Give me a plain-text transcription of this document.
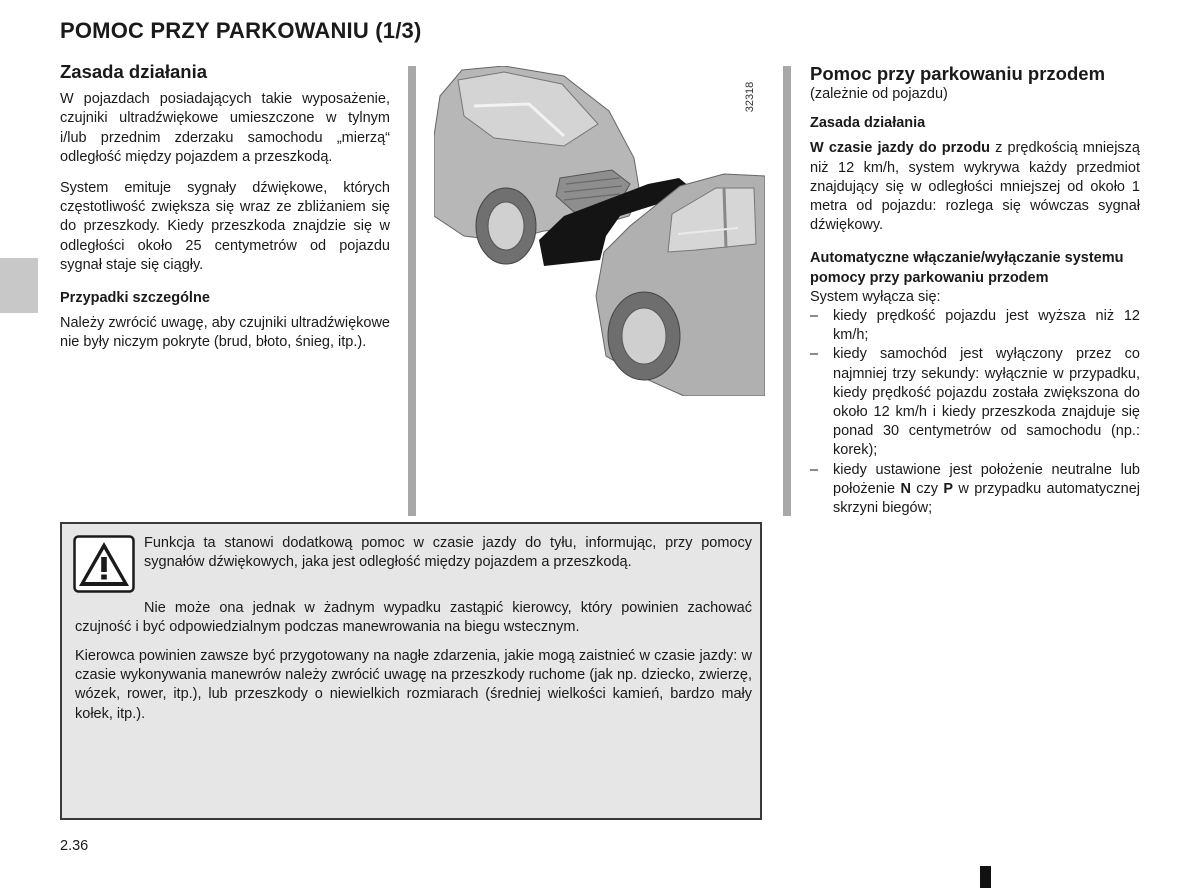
POMOC PRZY PARKOWANIU (1/3)
Zasada działania

W pojazdach posiadających takie wyposażenie, czujniki ultradźwiękowe umieszczone w tylnym i/lub przednim zderzaku samochodu „mierzą“ odległość między pojazdem a przeszkodą.

System emituje sygnały dźwiękowe, których częstotliwość zwiększa się wraz ze zbliżaniem się do przeszkody. Kiedy przeszkoda znajdzie się w odległości około 25 centymetrów od pojazdu sygnał staje się ciągły.

Przypadki szczególne

Należy zwrócić uwagę, aby czujniki ultradźwiękowe nie były niczym pokryte (brud, błoto, śnieg, itp.).

32318
Pomoc przy parkowaniu przodem
(zależnie od pojazdu)
Zasada działania

W czasie jazdy do przodu z prędkością mniejszą niż 12 km/h, system wykrywa każdy przedmiot znajdujący się w odległości mniejszej od około 1 metra od pojazdu: rozlega się wówczas sygnał dźwiękowy.

Automatyczne włączanie/wyłączanie systemu pomocy przy parkowaniu przodem
System wyłącza się:
– kiedy prędkość pojazdu jest wyższa niż 12 km/h;
– kiedy samochód jest wyłączony przez co najmniej trzy sekundy: wyłącznie w przypadku, kiedy prędkość pojazdu została zwiększona do około 12 km/h i kiedy przeszkoda znajduje się ponad 30 centymetrów od samochodu (np.: korek);
– kiedy ustawione jest położenie neutralne lub położenie N czy P w przypadku automatycznej skrzyni biegów;

Funkcja ta stanowi dodatkową pomoc w czasie jazdy do tyłu, informując, przy pomocy sygnałów dźwiękowych, jaka jest odległość między pojazdem a przeszkodą.

Nie może ona jednak w żadnym wypadku zastąpić kierowcy, który powinien zachować czujność i być odpowiedzialnym podczas manewrowania na biegu wstecznym.

Kierowca powinien zawsze być przygotowany na nagłe zdarzenia, jakie mogą zaistnieć w czasie jazdy: w czasie wykonywania manewrów należy zwrócić uwagę na przeszkody ruchome (jak np. dziecko, zwierzę, wózek, rower, itp.), lub przeszkody o niewielkich rozmiarach (średniej wielkości kamień, bardzo mały kołek, itp.).

2.36
